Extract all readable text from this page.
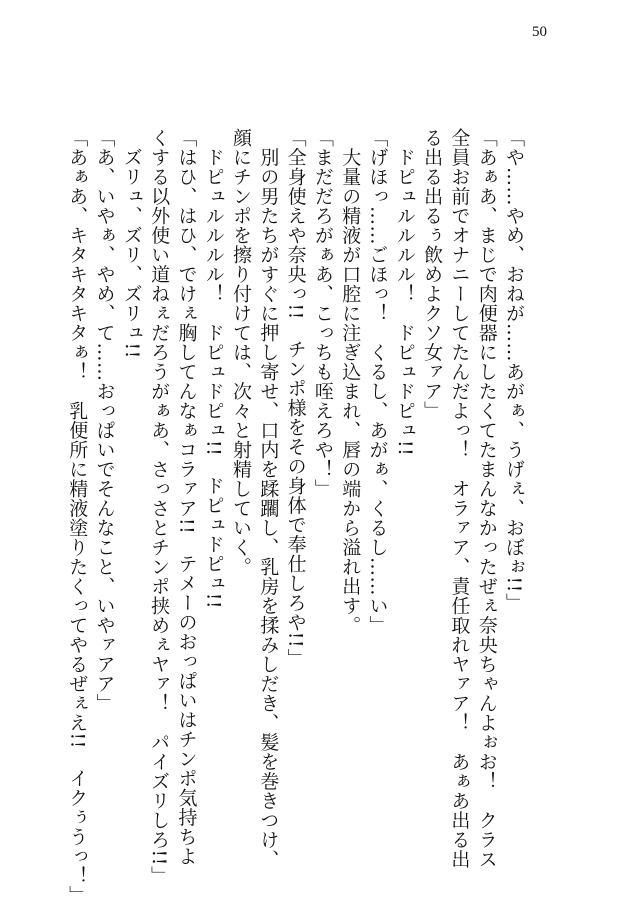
50
「や……やめ、おねが……あがぁ、うげぇ、おぼぉ!!」
「あぁあ、まじで肉便器にしたくてたまんなかったぜぇ奈央ちゃんよぉお！　クラス
全員お前でオナニーしてたんだよっ！　オラァア、責任取れヤァア！　あぁあ出る出
る出る出るぅ飲めよクソ女ァア」
　ドピュルルルル！　ドピュドピュ!!
「げほっ……ごほっ！　くるし、あがぁ、くるし……い」
　大量の精液が口腔に注ぎ込まれ、唇の端から溢れ出す。
「まだだろがぁあ、こっちも咥えろや！」
「全身使えや奈央っ!!　チンポ様をその身体で奉仕しろや!!」
　別の男たちがすぐに押し寄せ、口内を蹂躙し、乳房を揉みしだき、髪を巻きつけ、
顔にチンポを擦り付けては、次々と射精していく。
　ドピュルルルル！　ドピュドピュ!!　ドピュドピュ!!
「はひ、はひ、でけぇ胸してんなぁコラァア!!　テメーのおっぱいはチンポ気持ちよ
くする以外使い道ねぇだろうがぁあ、さっさとチンポ挟めぇヤァ！　パイズリしろ!!」
　ズリュ、ズリ、ズリュ!!
「あ、いやぁ、やめ、て……おっぱいでそんなこと、いやァアア」
「あぁあ、キタキタキタぁ！　乳便所に精液塗りたくってやるぜぇえ!!　イクぅうっ！」
